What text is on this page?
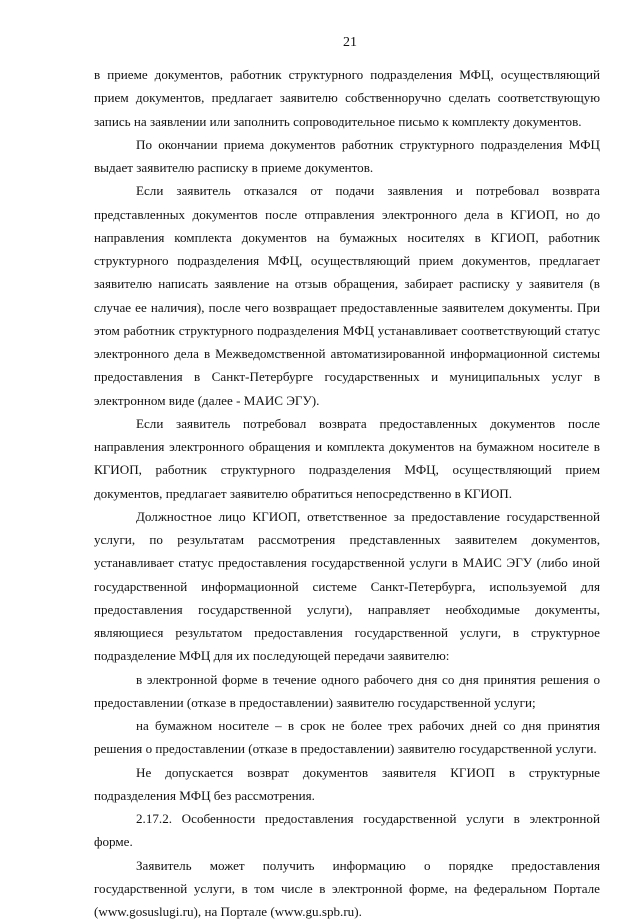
21

в приеме документов, работник структурного подразделения МФЦ, осуществляющий прием документов, предлагает заявителю собственноручно сделать соответствующую запись на заявлении или заполнить сопроводительное письмо к комплекту документов.

По окончании приема документов работник структурного подразделения МФЦ выдает заявителю расписку в приеме документов.

Если заявитель отказался от подачи заявления и потребовал возврата представленных документов после отправления электронного дела в КГИОП, но до направления комплекта документов на бумажных носителях в КГИОП, работник структурного подразделения МФЦ, осуществляющий прием документов, предлагает заявителю написать заявление на отзыв обращения, забирает расписку у заявителя (в случае ее наличия), после чего возвращает предоставленные заявителем документы. При этом работник структурного подразделения МФЦ устанавливает соответствующий статус электронного дела в Межведомственной автоматизированной информационной системы предоставления в Санкт-Петербурге государственных и муниципальных услуг в электронном виде (далее - МАИС ЭГУ).

Если заявитель потребовал возврата предоставленных документов после направления электронного обращения и комплекта документов на бумажном носителе в КГИОП, работник структурного подразделения МФЦ, осуществляющий прием документов, предлагает заявителю обратиться непосредственно в КГИОП.

Должностное лицо КГИОП, ответственное за предоставление государственной услуги, по результатам рассмотрения представленных заявителем документов, устанавливает статус предоставления государственной услуги в МАИС ЭГУ (либо иной государственной информационной системе Санкт-Петербурга, используемой для предоставления государственной услуги), направляет необходимые документы, являющиеся результатом предоставления государственной услуги, в структурное подразделение МФЦ для их последующей передачи заявителю:

в электронной форме в течение одного рабочего дня со дня принятия решения о предоставлении (отказе в предоставлении) заявителю государственной услуги;

на бумажном носителе – в срок не более трех рабочих дней со дня принятия решения о предоставлении (отказе в предоставлении) заявителю государственной услуги.

Не допускается возврат документов заявителя КГИОП в структурные подразделения МФЦ без рассмотрения.

2.17.2. Особенности предоставления государственной услуги в электронной форме.

Заявитель может получить информацию о порядке предоставления государственной услуги, в том числе в электронной форме, на федеральном Портале (www.gosuslugi.ru), на Портале (www.gu.spb.ru).
